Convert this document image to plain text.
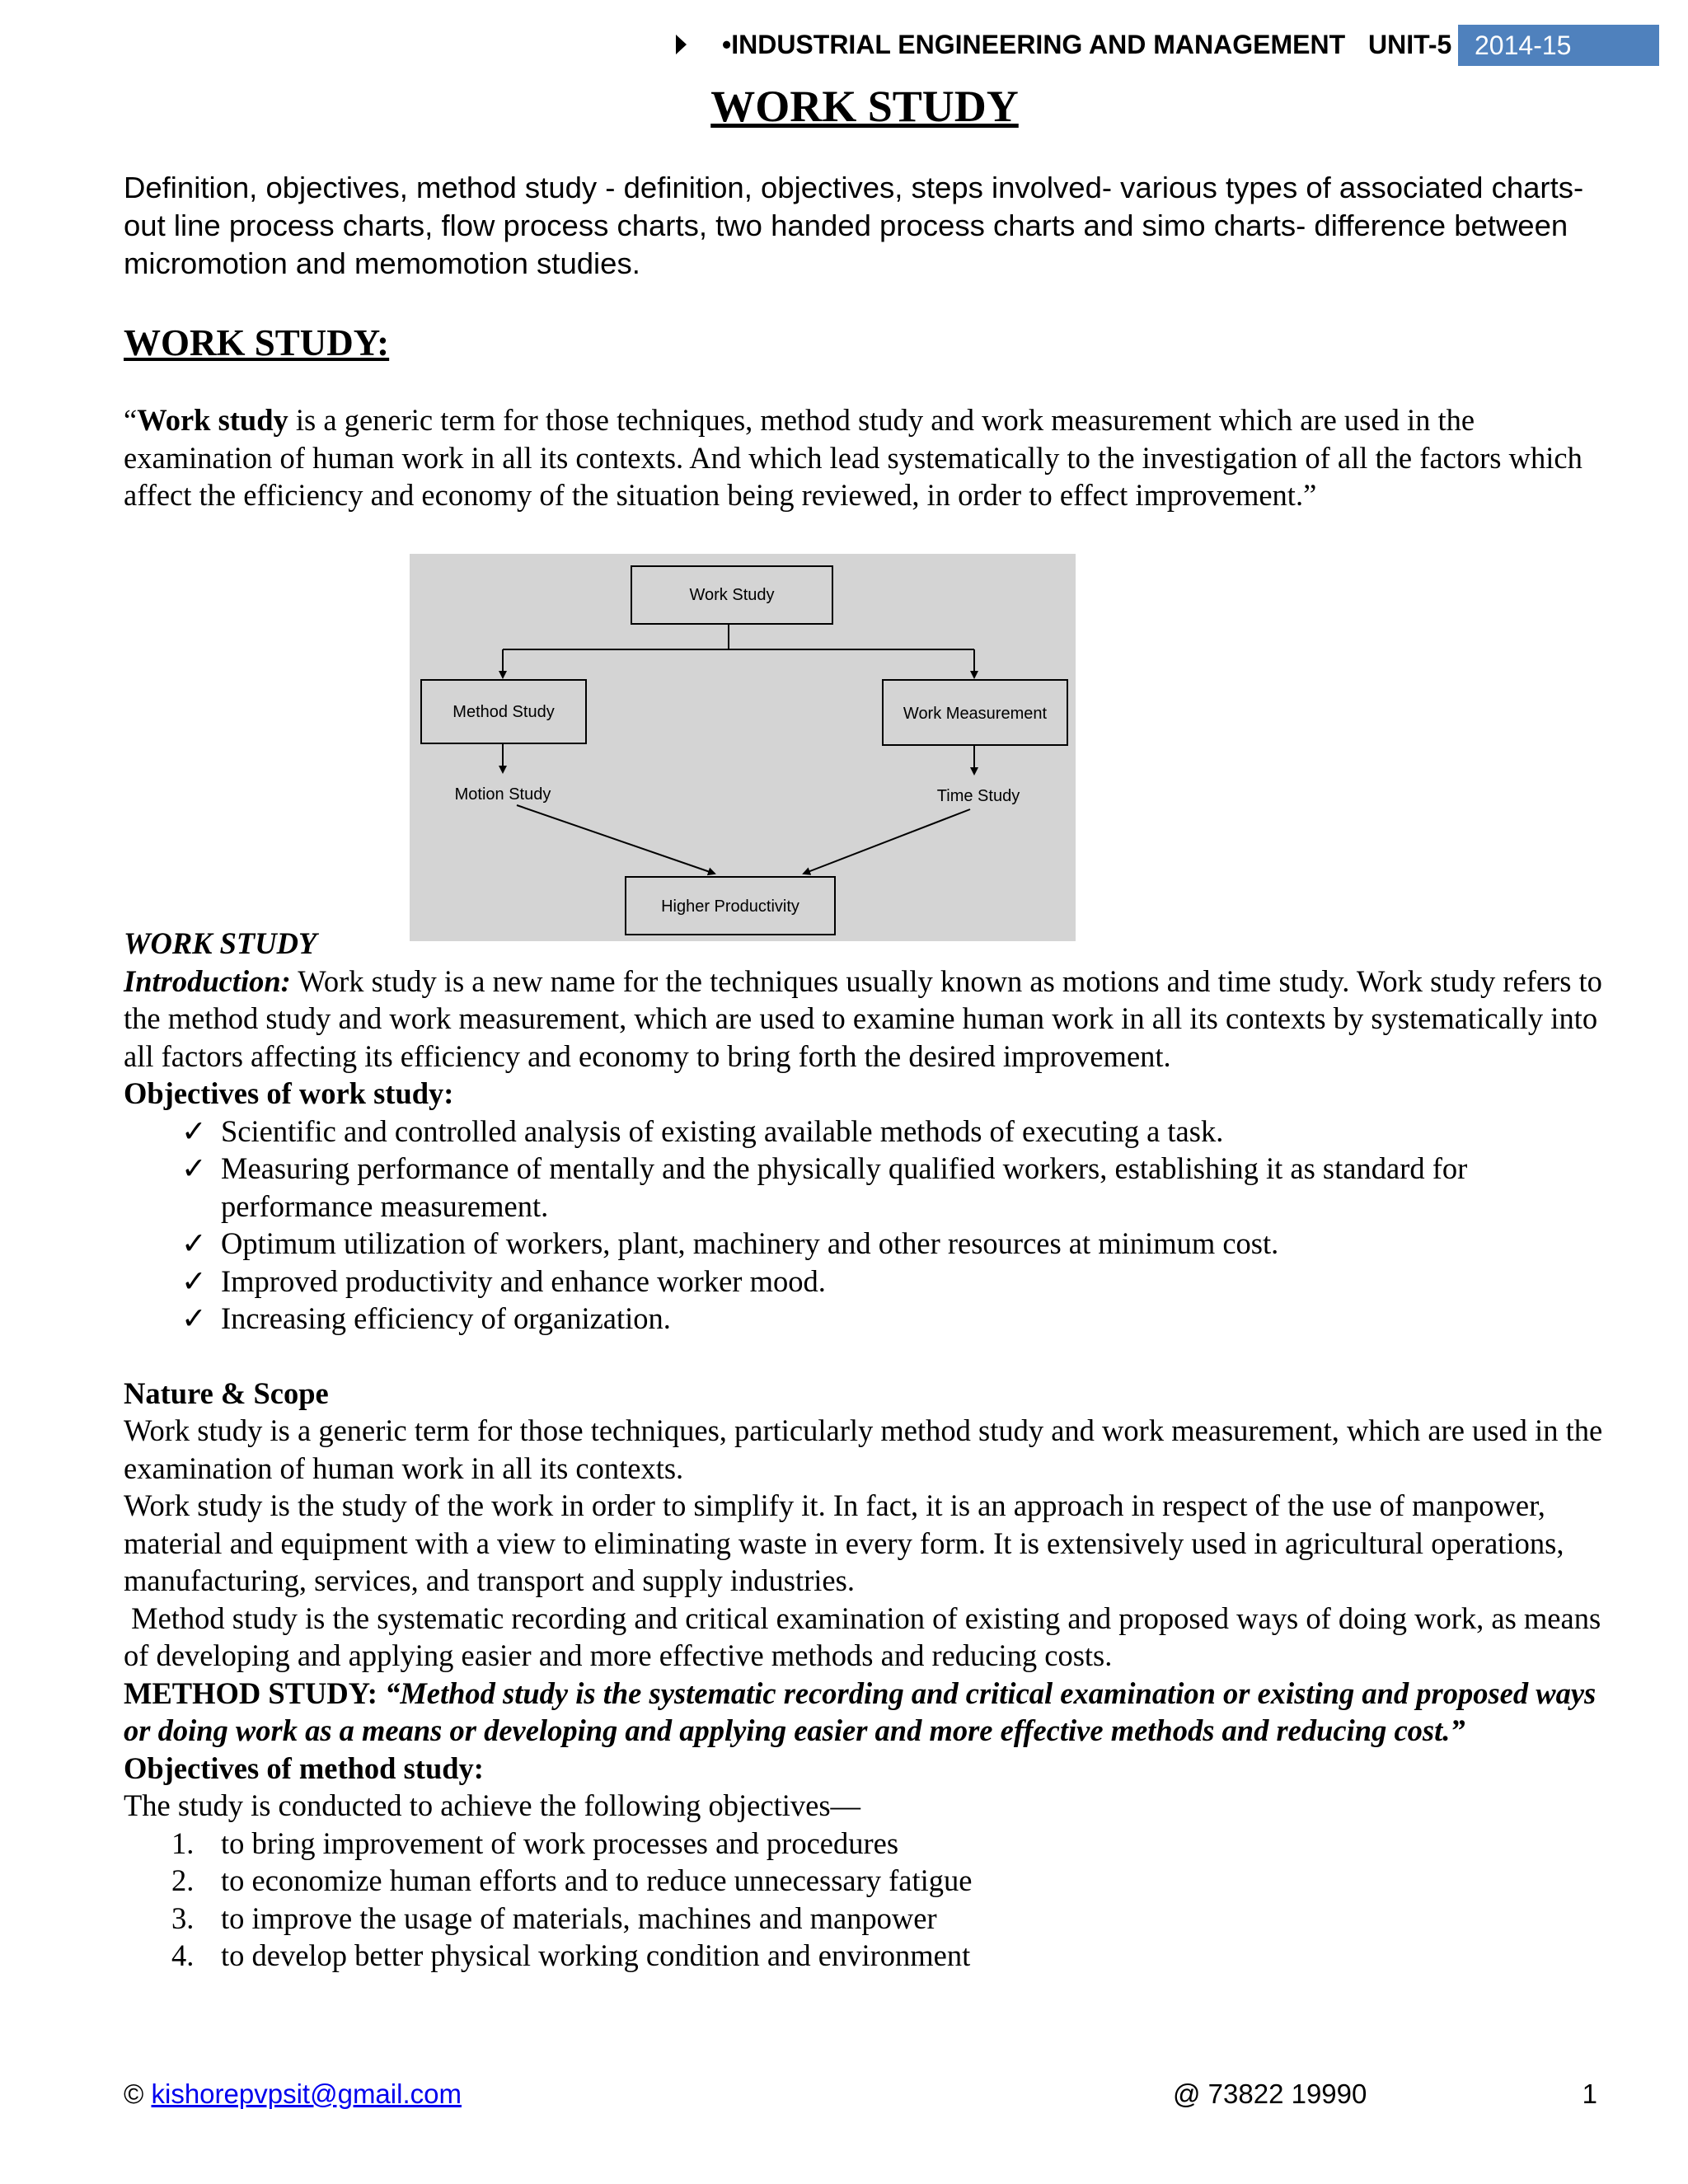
•INDUSTRIAL ENGINEERING AND MANAGEMENT UNIT-5 2014-15
WORK STUDY

Definition, objectives, method study - definition, objectives, steps involved- various types of associated charts-out line process charts, flow process charts, two handed process charts and simo charts- difference between micromotion and memomotion studies.

WORK STUDY:

“Work study is a generic term for those techniques, method study and work measurement which are used in the examination of human work in all its contexts. And which lead systematically to the investigation of all the factors which affect the efficiency and economy of the situation being reviewed, in order to effect improvement.”

Work Study
Method Study	Work Measurement
Motion Study	Time Study
Higher Productivity

WORK STUDY

Introduction: Work study is a new name for the techniques usually known as motions and time study. Work study refers to the method study and work measurement, which are used to examine human work in all its contexts by systematically into all factors affecting its efficiency and economy to bring forth the desired improvement.

Objectives of work study:

✓ Scientific and controlled analysis of existing available methods of executing a task.
✓ Measuring performance of mentally and the physically qualified workers, establishing it as standard for performance measurement.
✓ Optimum utilization of workers, plant, machinery and other resources at minimum cost.
✓ Improved productivity and enhance worker mood.
✓ Increasing efficiency of organization.

Nature & Scope

Work study is a generic term for those techniques, particularly method study and work measurement, which are used in the examination of human work in all its contexts.

Work study is the study of the work in order to simplify it. In fact, it is an approach in respect of the use of manpower, material and equipment with a view to eliminating waste in every form. It is extensively used in agricultural operations, manufacturing, services, and transport and supply industries.

Method study is the systematic recording and critical examination of existing and proposed ways of doing work, as means of developing and applying easier and more effective methods and reducing costs.

METHOD STUDY: “Method study is the systematic recording and critical examination or existing and proposed ways or doing work as a means or developing and applying easier and more effective methods and reducing cost.”

Objectives of method study:

The study is conducted to achieve the following objectives—

1. to bring improvement of work processes and procedures
2. to economize human efforts and to reduce unnecessary fatigue
3. to improve the usage of materials, machines and manpower
4. to develop better physical working condition and environment
© kishorepvpsit@gmail.com	@ 73822 19990	1
